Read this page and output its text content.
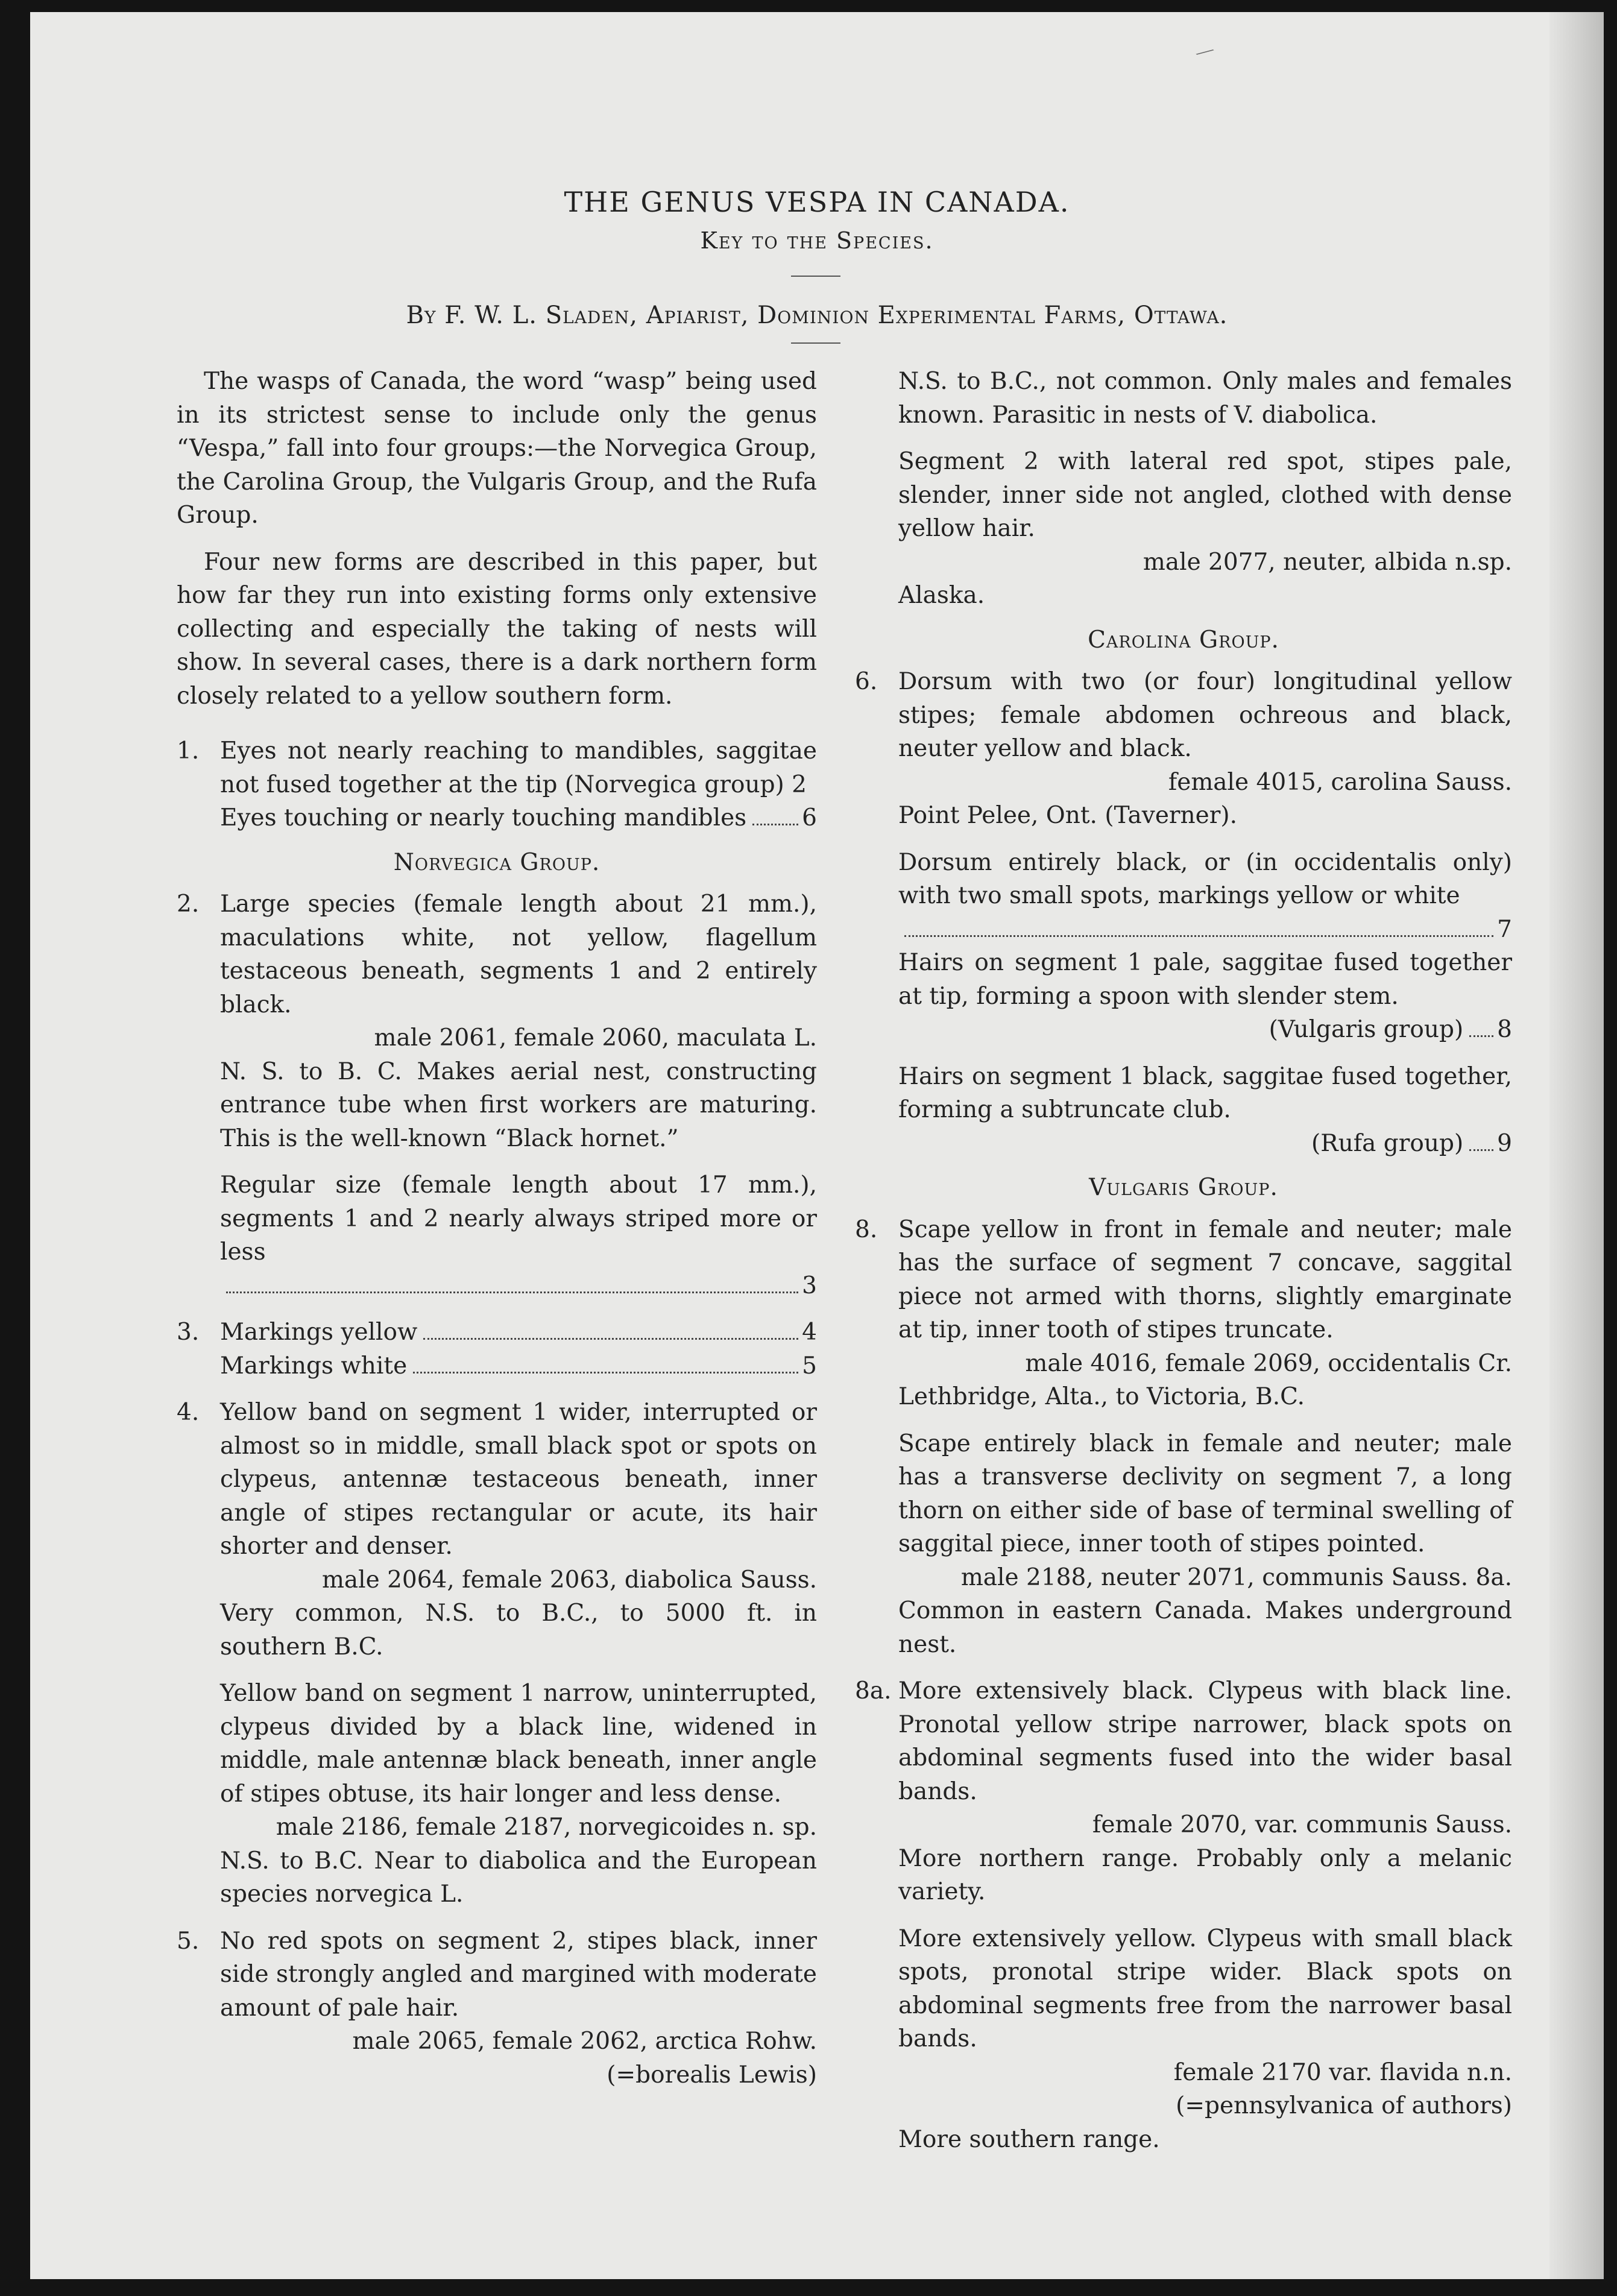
⟋
THE GENUS VESPA IN CANADA.
Key to the Species.
By F. W. L. Sladen, Apiarist, Dominion Experimental Farms, Ottawa.

The wasps of Canada, the word “wasp” being used in its strictest sense to include only the genus “Vespa,” fall into four groups:—the Norvegica Group, the Carolina Group, the Vulgaris Group, and the Rufa Group.

Four new forms are described in this paper, but how far they run into existing forms only extensive collecting and especially the taking of nests will show. In several cases, there is a dark northern form closely related to a yellow southern form.

1. Eyes not nearly reaching to mandibles, saggitae not fused together at the tip (Norvegica group) 2

Eyes touching or nearly touching mandibles 6

Norvegica Group.

2. Large species (female length about 21 mm.), maculations white, not yellow, flagellum testaceous beneath, segments 1 and 2 entirely black.

male 2061, female 2060, maculata L.

N. S. to B. C. Makes aerial nest, constructing entrance tube when first workers are maturing. This is the well-known “Black hornet.”

Regular size (female length about 17 mm.), segments 1 and 2 nearly always striped more or less

3

3. Markings yellow	4

Markings white	5

4. Yellow band on segment 1 wider, interrupted or almost so in middle, small black spot or spots on clypeus, antennæ testaceous beneath, inner angle of stipes rectangular or acute, its hair shorter and denser.

male 2064, female 2063, diabolica Sauss.

Very common, N.S. to B.C., to 5000 ft. in southern B.C.

Yellow band on segment 1 narrow, uninterrupted, clypeus divided by a black line, widened in middle, male antennæ black beneath, inner angle of stipes obtuse, its hair longer and less dense.

male 2186, female 2187, norvegicoides n. sp.

N.S. to B.C. Near to diabolica and the European species norvegica L.

5. No red spots on segment 2, stipes black, inner side strongly angled and margined with moderate amount of pale hair.

male 2065, female 2062, arctica Rohw.

(=borealis Lewis)

N.S. to B.C., not common. Only males and females known. Parasitic in nests of V. diabolica.

Segment 2 with lateral red spot, stipes pale, slender, inner side not angled, clothed with dense yellow hair.

male 2077, neuter, albida n.sp.

Alaska.

Carolina Group.

6. Dorsum with two (or four) longitudinal yellow stipes; female abdomen ochreous and black, neuter yellow and black.

female 4015, carolina Sauss.

Point Pelee, Ont. (Taverner).

Dorsum entirely black, or (in occidentalis only) with two small spots, markings yellow or white

7

Hairs on segment 1 pale, saggitae fused together at tip, forming a spoon with slender stem.

(Vulgaris group) 8

Hairs on segment 1 black, saggitae fused together, forming a subtruncate club.

(Rufa group) 9

Vulgaris Group.

8. Scape yellow in front in female and neuter; male has the surface of segment 7 concave, saggital piece not armed with thorns, slightly emarginate at tip, inner tooth of stipes truncate.

male 4016, female 2069, occidentalis Cr.

Lethbridge, Alta., to Victoria, B.C.

Scape entirely black in female and neuter; male has a transverse declivity on segment 7, a long thorn on either side of base of terminal swelling of saggital piece, inner tooth of stipes pointed.

male 2188, neuter 2071, communis Sauss. 8a.

Common in eastern Canada. Makes underground nest.

8a. More extensively black. Clypeus with black line. Pronotal yellow stripe narrower, black spots on abdominal segments fused into the wider basal bands.

female 2070, var. communis Sauss.

More northern range. Probably only a melanic variety.

More extensively yellow. Clypeus with small black spots, pronotal stripe wider. Black spots on abdominal segments free from the narrower basal bands.

female 2170 var. flavida n.n.

(=pennsylvanica of authors)

More southern range.
